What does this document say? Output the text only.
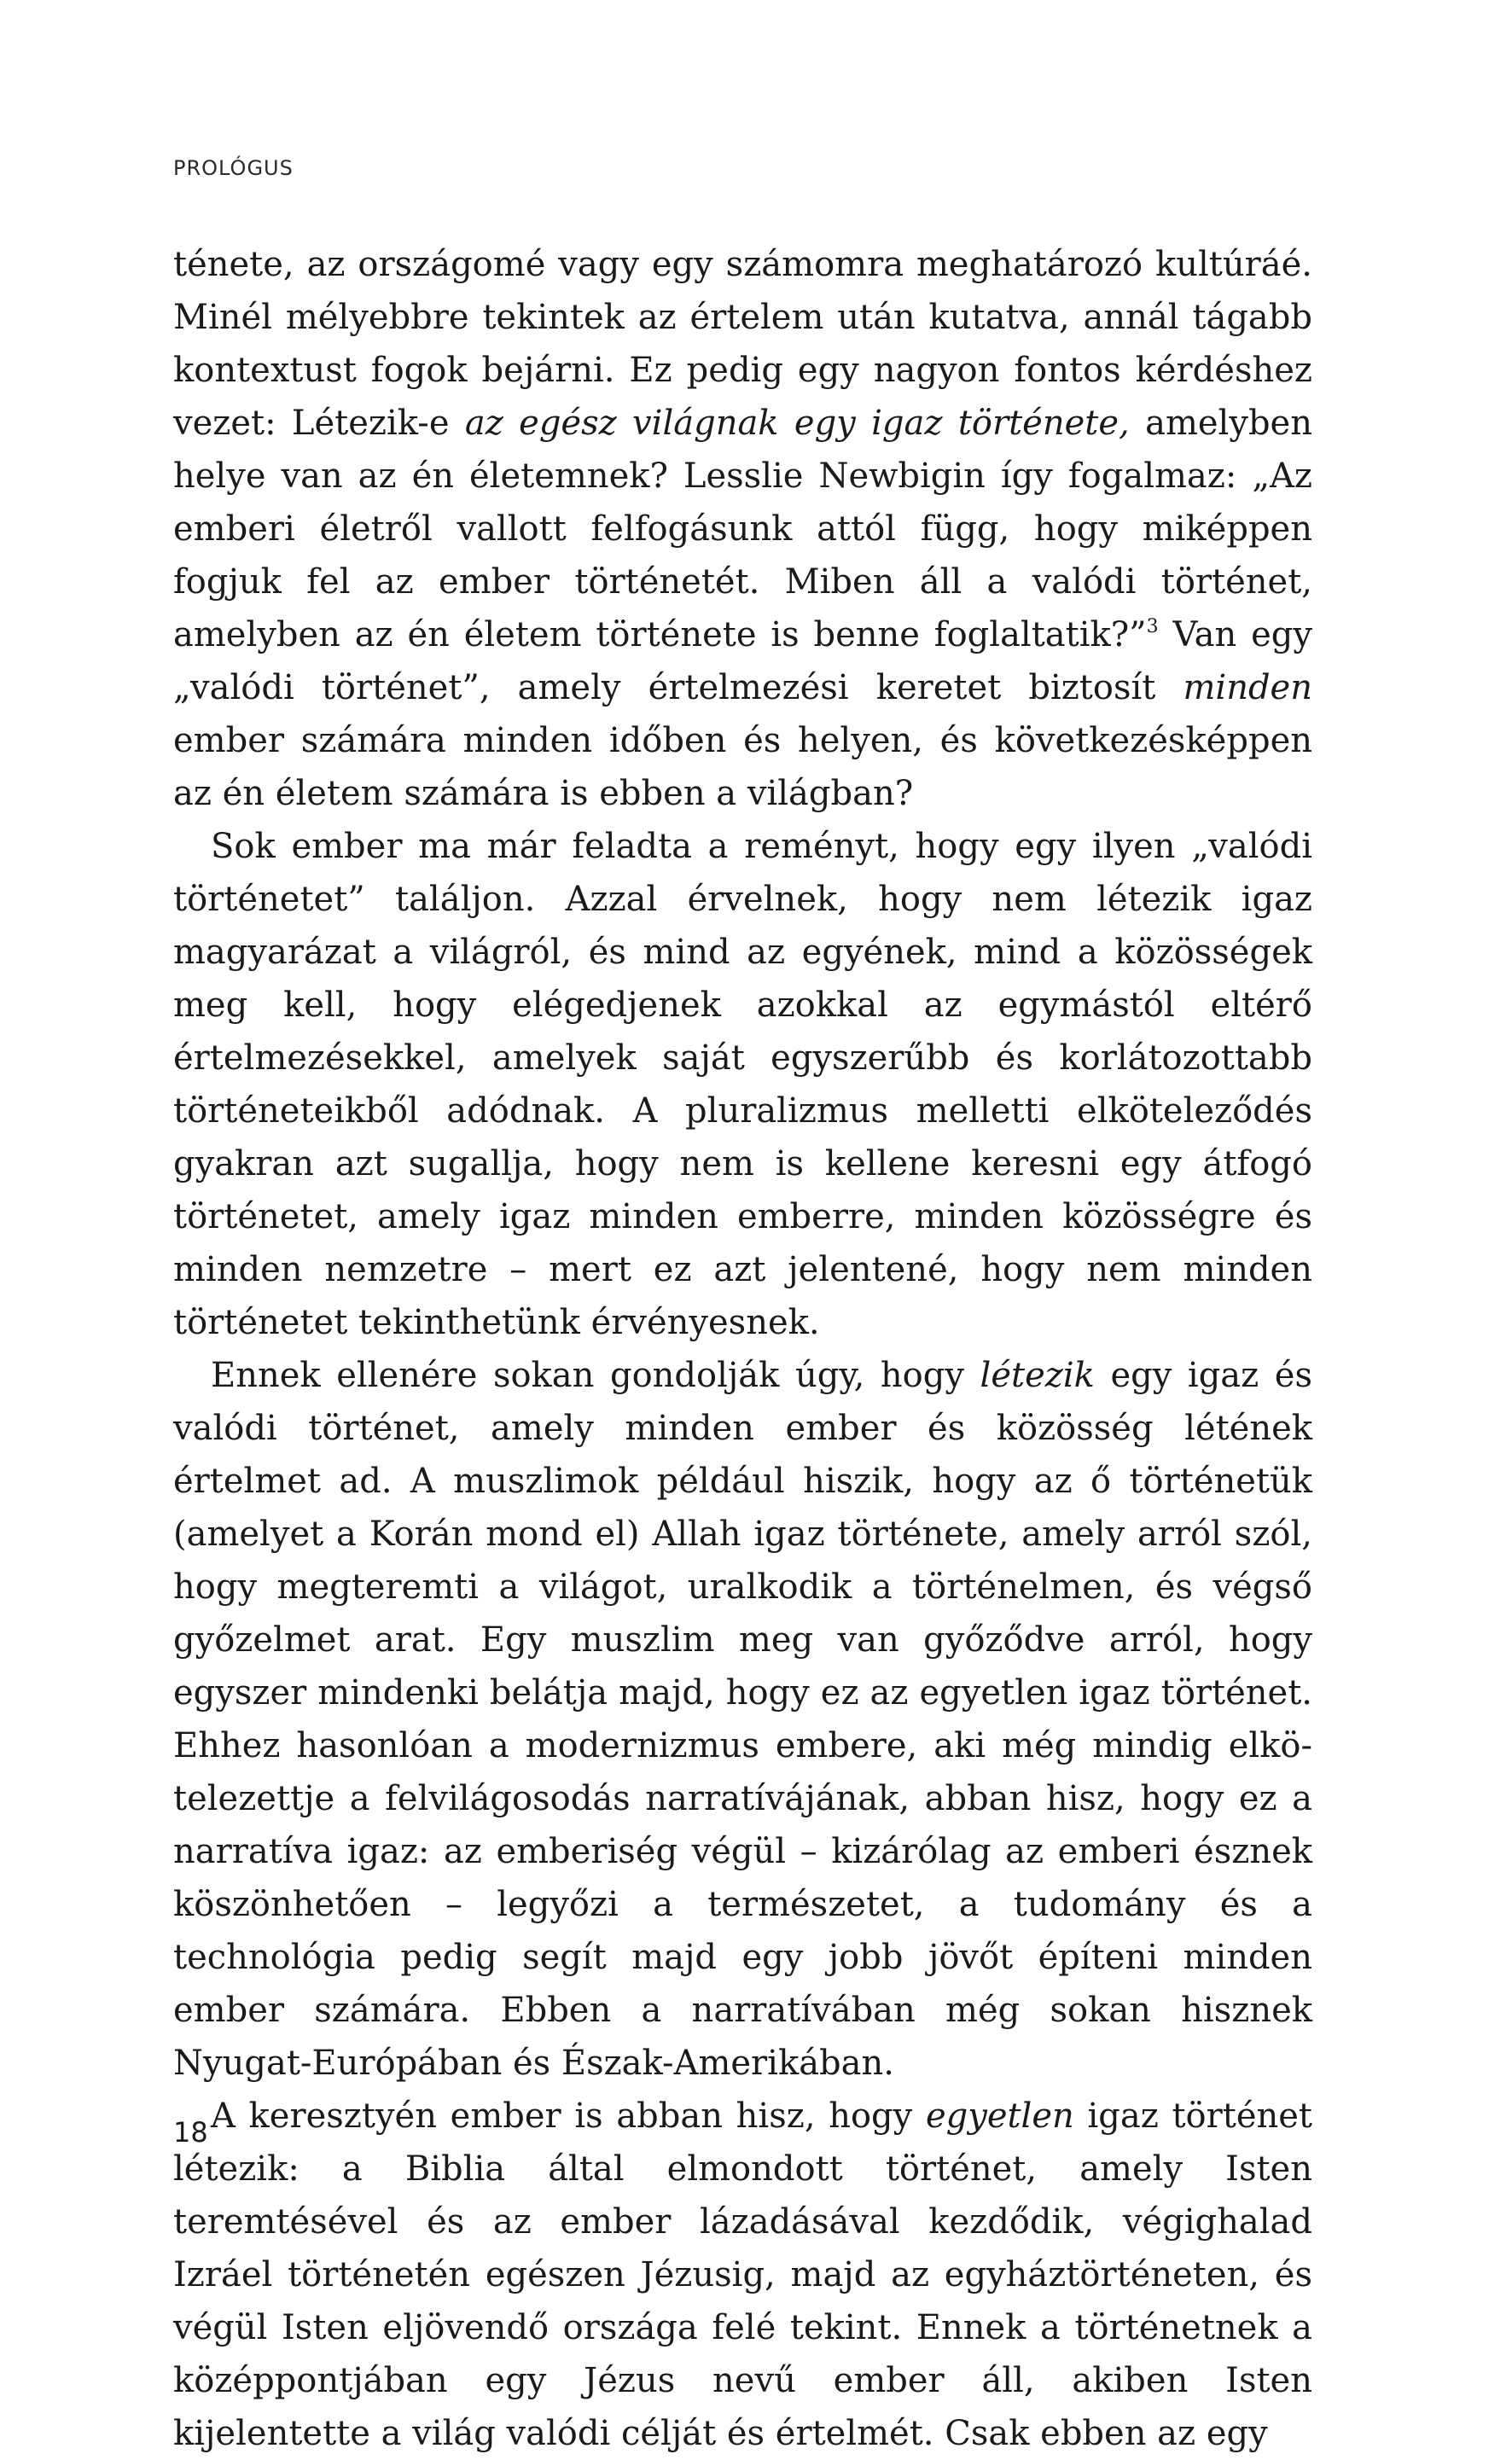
PROLÓGUS

ténete, az országomé vagy egy számomra meghatározó kultúráé. Minél mélyebbre tekintek az értelem után kutatva, annál tágabb kontextust fogok bejárni. Ez pedig egy nagyon fontos kérdéshez vezet: Létezik-e az egész világnak egy igaz története, amelyben helye van az én életemnek? Lesslie Newbigin így fogalmaz: „Az emberi életről vallott felfogásunk attól függ, hogy miképpen fogjuk fel az ember történetét. Miben áll a valódi történet, amelyben az én életem története is benne foglaltatik?”$^3$ Van egy „valódi történet”, amely értelmezési keretet biztosít minden ember számára minden időben és helyen, és következésképpen az én életem számára is ebben a világban?

Sok ember ma már feladta a reményt, hogy egy ilyen „valódi történetet” találjon. Azzal érvelnek, hogy nem létezik igaz magyarázat a világról, és mind az egyének, mind a közösségek meg kell, hogy elégedjenek azokkal az egymástól eltérő értelmezésekkel, amelyek saját egyszerűbb és korlátozottabb történeteikből adódnak. A pluralizmus melletti elköteleződés gyakran azt sugallja, hogy nem is kellene keresni egy átfogó történetet, amely igaz minden emberre, minden közösségre és minden nemzetre – mert ez azt jelentené, hogy nem minden történetet tekinthetünk érvényesnek.

Ennek ellenére sokan gondolják úgy, hogy létezik egy igaz és valódi történet, amely minden ember és közösség létének értelmet ad. A muszlimok például hiszik, hogy az ő történetük (amelyet a Korán mond el) Allah igaz története, amely arról szól, hogy megteremti a világot, uralkodik a történelmen, és végső győzelmet arat. Egy muszlim meg van győződve arról, hogy egyszer mindenki belátja majd, hogy ez az egyetlen igaz történet. Ehhez hasonlóan a modernizmus embere, aki még mindig elkötelezettje a felvilágosodás narratívájának, abban hisz, hogy ez a narratíva igaz: az emberiség végül – kizárólag az emberi észnek köszönhetően – legyőzi a természetet, a tudomány és a technológia pedig segít majd egy jobb jövőt építeni minden ember számára. Ebben a narratívában még sokan hisznek Nyugat-Európában és Észak-Amerikában.

A keresztyén ember is abban hisz, hogy egyetlen igaz történet létezik: a Biblia által elmondott történet, amely Isten teremtésével és az ember lázadásával kezdődik, végighalad Izráel történetén egészen Jézusig, majd az egyháztörténeten, és végül Isten eljövendő országa felé tekint. Ennek a történetnek a középpontjában egy Jézus nevű ember áll, akiben Isten kijelentette a világ valódi célját és értelmét. Csak ebben az egy

18
